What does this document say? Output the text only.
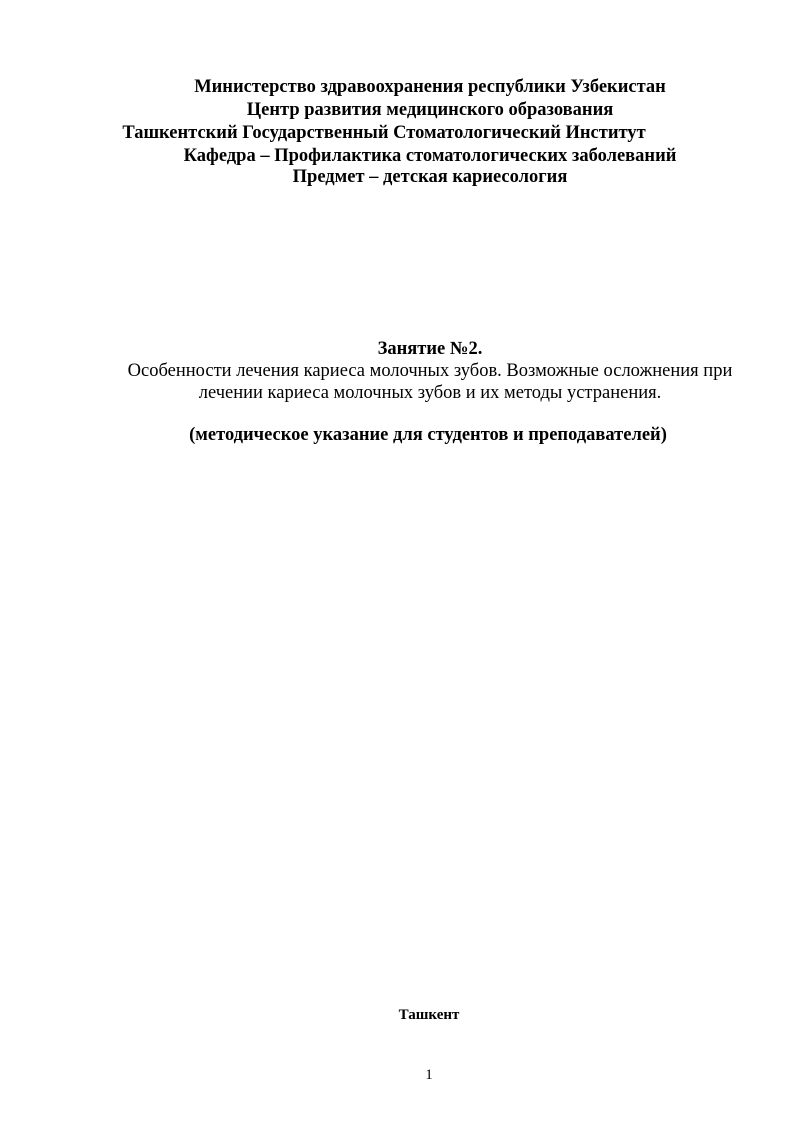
Министерство здравоохранения республики Узбекистан
Центр развития медицинского образования
Ташкентский Государственный Стоматологический Институт
Кафедра – Профилактика стоматологических заболеваний
Предмет – детская кариесология
Занятие №2.
Особенности лечения кариеса молочных зубов. Возможные осложнения при лечении кариеса молочных зубов и их методы устранения.
(методическое указание для студентов и преподавателей)
Ташкент
1
